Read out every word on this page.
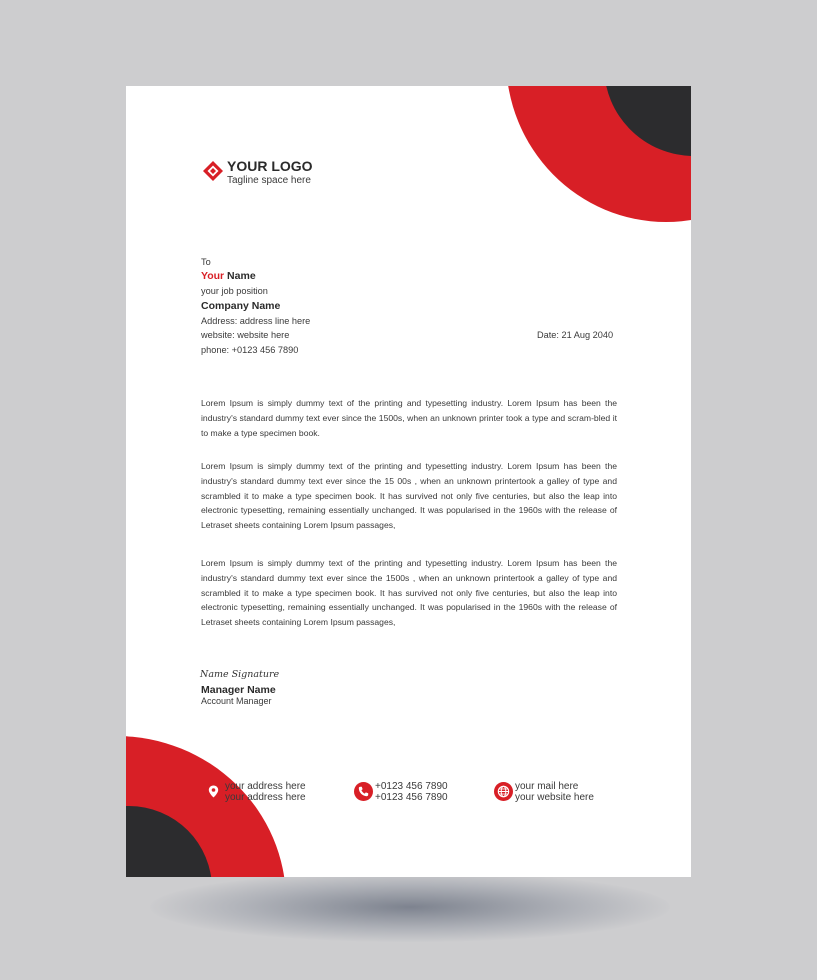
YOUR LOGO
Tagline space here
To
Your Name
your job position
Company Name
Address: address line here
website: website here
phone: +0123 456 7890
Date: 21 Aug 2040

Lorem Ipsum is simply dummy text of the printing and typesetting industry. Lorem Ipsum has been the industry's standard dummy text ever since the 1500s, when an unknown printer took a type and scram-bled it to make a type specimen book.

Lorem Ipsum is simply dummy text of the printing and typesetting industry. Lorem Ipsum has been the industry's standard dummy text ever since the 15 00s , when an unknown printertook a galley of type and scrambled it to make a type specimen book. It has survived not only five centuries, but also the leap into electronic typesetting, remaining essentially unchanged. It was popularised in the 1960s with the release of Letraset sheets containing Lorem Ipsum passages,

Lorem Ipsum is simply dummy text of the printing and typesetting industry. Lorem Ipsum has been the industry's standard dummy text ever since the 1500s , when an unknown printertook a galley of type and scrambled it to make a type specimen book. It has survived not only five centuries, but also the leap into electronic typesetting, remaining essentially unchanged. It was popularised in the 1960s with the release of Letraset sheets containing Lorem Ipsum passages,

Name Signature
Manager Name
Account Manager
your address here
your address here
+0123 456 7890
+0123 456 7890
your mail here
your website here
